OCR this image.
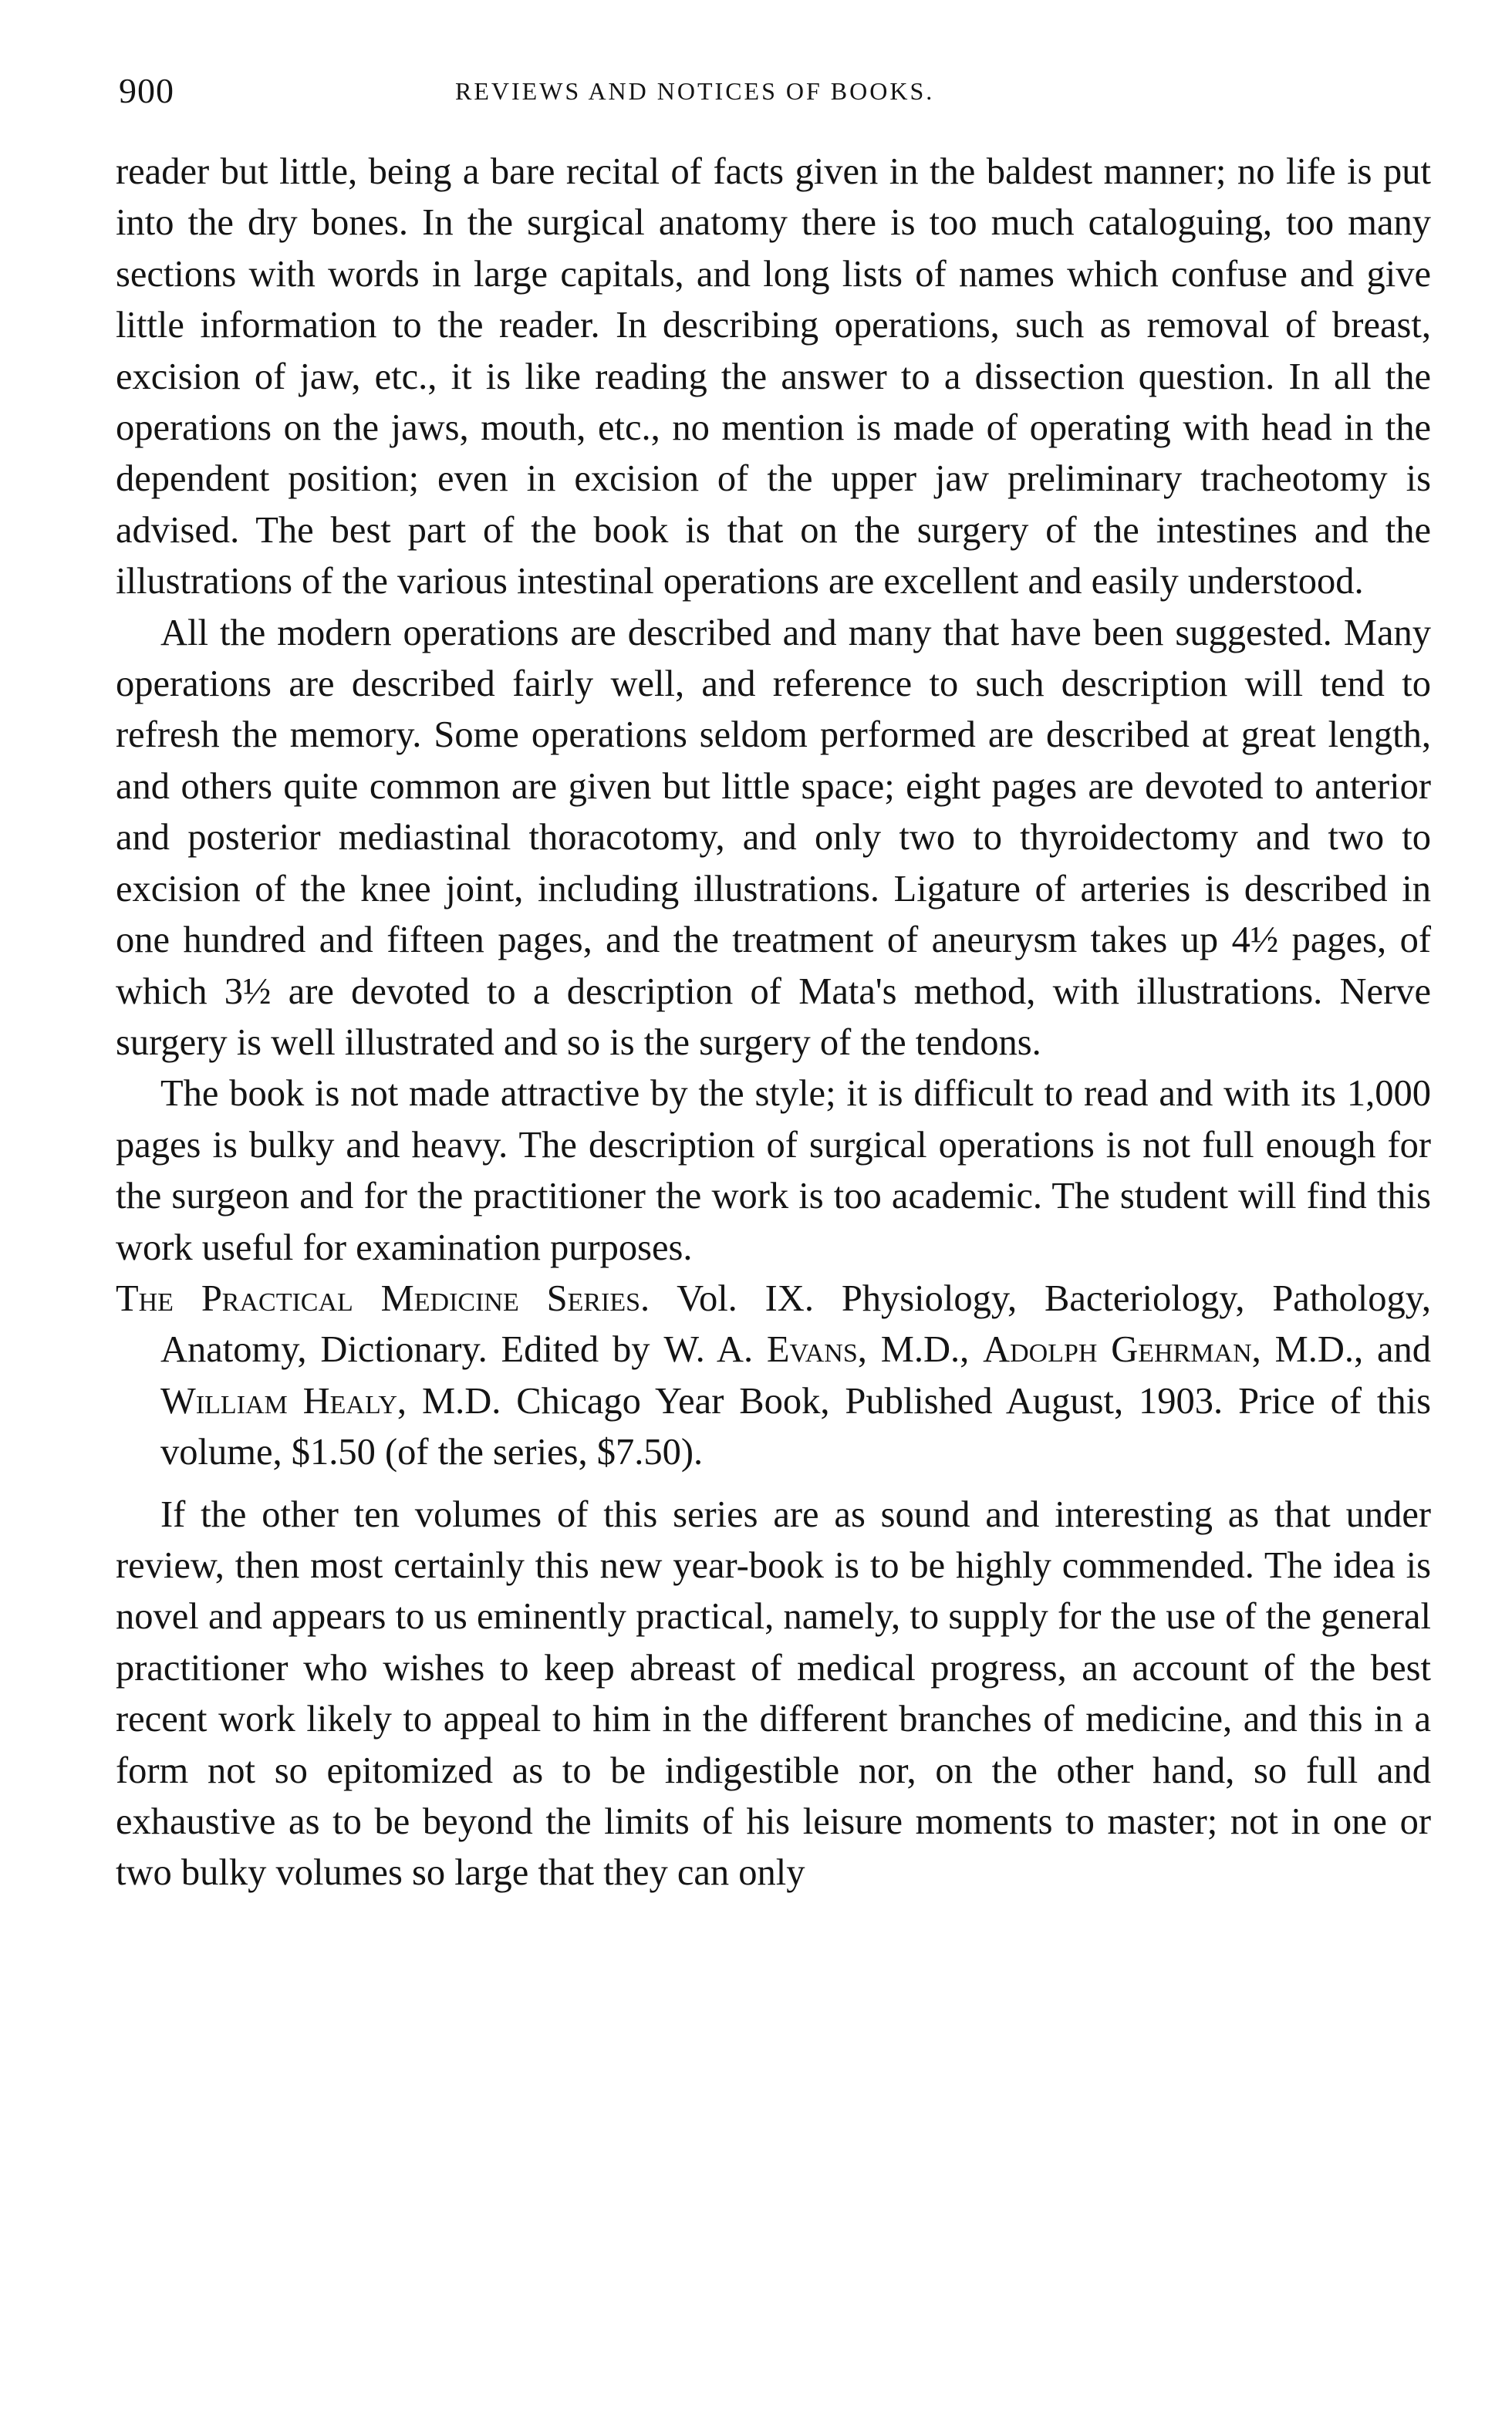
900	REVIEWS AND NOTICES OF BOOKS.

reader but little, being a bare recital of facts given in the baldest manner; no life is put into the dry bones. In the surgical anatomy there is too much cataloguing, too many sections with words in large capitals, and long lists of names which confuse and give little information to the reader. In describing operations, such as removal of breast, excision of jaw, etc., it is like reading the answer to a dissection question. In all the operations on the jaws, mouth, etc., no mention is made of operating with head in the dependent position; even in excision of the upper jaw preliminary tracheotomy is advised. The best part of the book is that on the surgery of the intestines and the illustrations of the various intestinal operations are excellent and easily understood.

All the modern operations are described and many that have been suggested. Many operations are described fairly well, and reference to such description will tend to refresh the memory. Some operations seldom performed are described at great length, and others quite common are given but little space; eight pages are devoted to anterior and posterior mediastinal thoracotomy, and only two to thyroidectomy and two to excision of the knee joint, including illustrations. Ligature of arteries is described in one hundred and fifteen pages, and the treatment of aneurysm takes up 4½ pages, of which 3½ are devoted to a description of Mata's method, with illustrations. Nerve surgery is well illustrated and so is the surgery of the tendons.

The book is not made attractive by the style; it is difficult to read and with its 1,000 pages is bulky and heavy. The description of surgical operations is not full enough for the surgeon and for the practitioner the work is too academic. The student will find this work useful for examination purposes.

The Practical Medicine Series. Vol. IX. Physiology, Bacteriology, Pathology, Anatomy, Dictionary. Edited by W. A. Evans, M.D., Adolph Gehrman, M.D., and William Healy, M.D. Chicago Year Book, Published August, 1903. Price of this volume, $1.50 (of the series, $7.50).

If the other ten volumes of this series are as sound and interesting as that under review, then most certainly this new year-book is to be highly commended. The idea is novel and appears to us eminently practical, namely, to supply for the use of the general practitioner who wishes to keep abreast of medical progress, an account of the best recent work likely to appeal to him in the different branches of medicine, and this in a form not so epitomized as to be indigestible nor, on the other hand, so full and exhaustive as to be beyond the limits of his leisure moments to master; not in one or two bulky volumes so large that they can only
